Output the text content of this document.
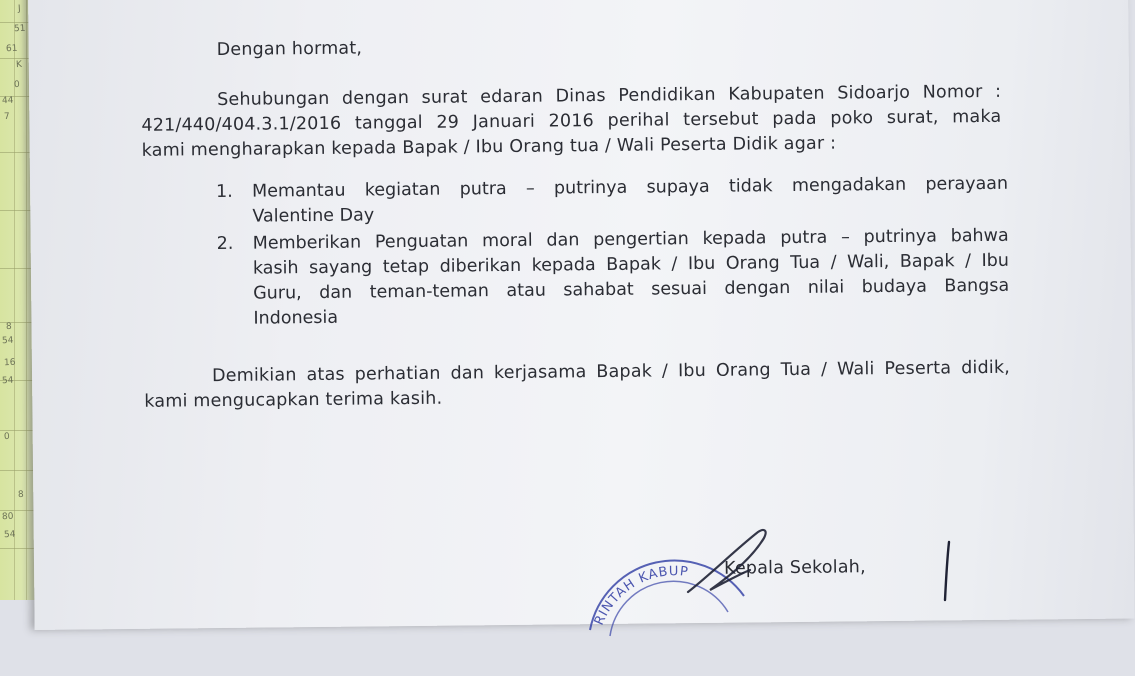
J
51
61
K
0
44
7
8
54
16
54
0
8
80
54
Dengan hormat,
Sehubungan dengan surat edaran Dinas Pendidikan Kabupaten Sidoarjo Nomor :
421/440/404.3.1/2016 tanggal 29 Januari 2016 perihal tersebut pada poko surat, maka
kami mengharapkan kepada Bapak / Ibu Orang tua / Wali Peserta Didik agar :
1.	Memantau kegiatan putra – putrinya supaya tidak mengadakan perayaan
Valentine Day
2.	Memberikan Penguatan moral dan pengertian kepada putra – putrinya bahwa
kasih sayang tetap diberikan kepada Bapak / Ibu Orang Tua / Wali, Bapak / Ibu
Guru, dan teman-teman atau sahabat sesuai dengan nilai budaya Bangsa
Indonesia
Demikian atas perhatian dan kerjasama Bapak / Ibu Orang Tua / Wali Peserta didik,
kami mengucapkan terima kasih.
Kepala Sekolah,
RINTAH KABUP
